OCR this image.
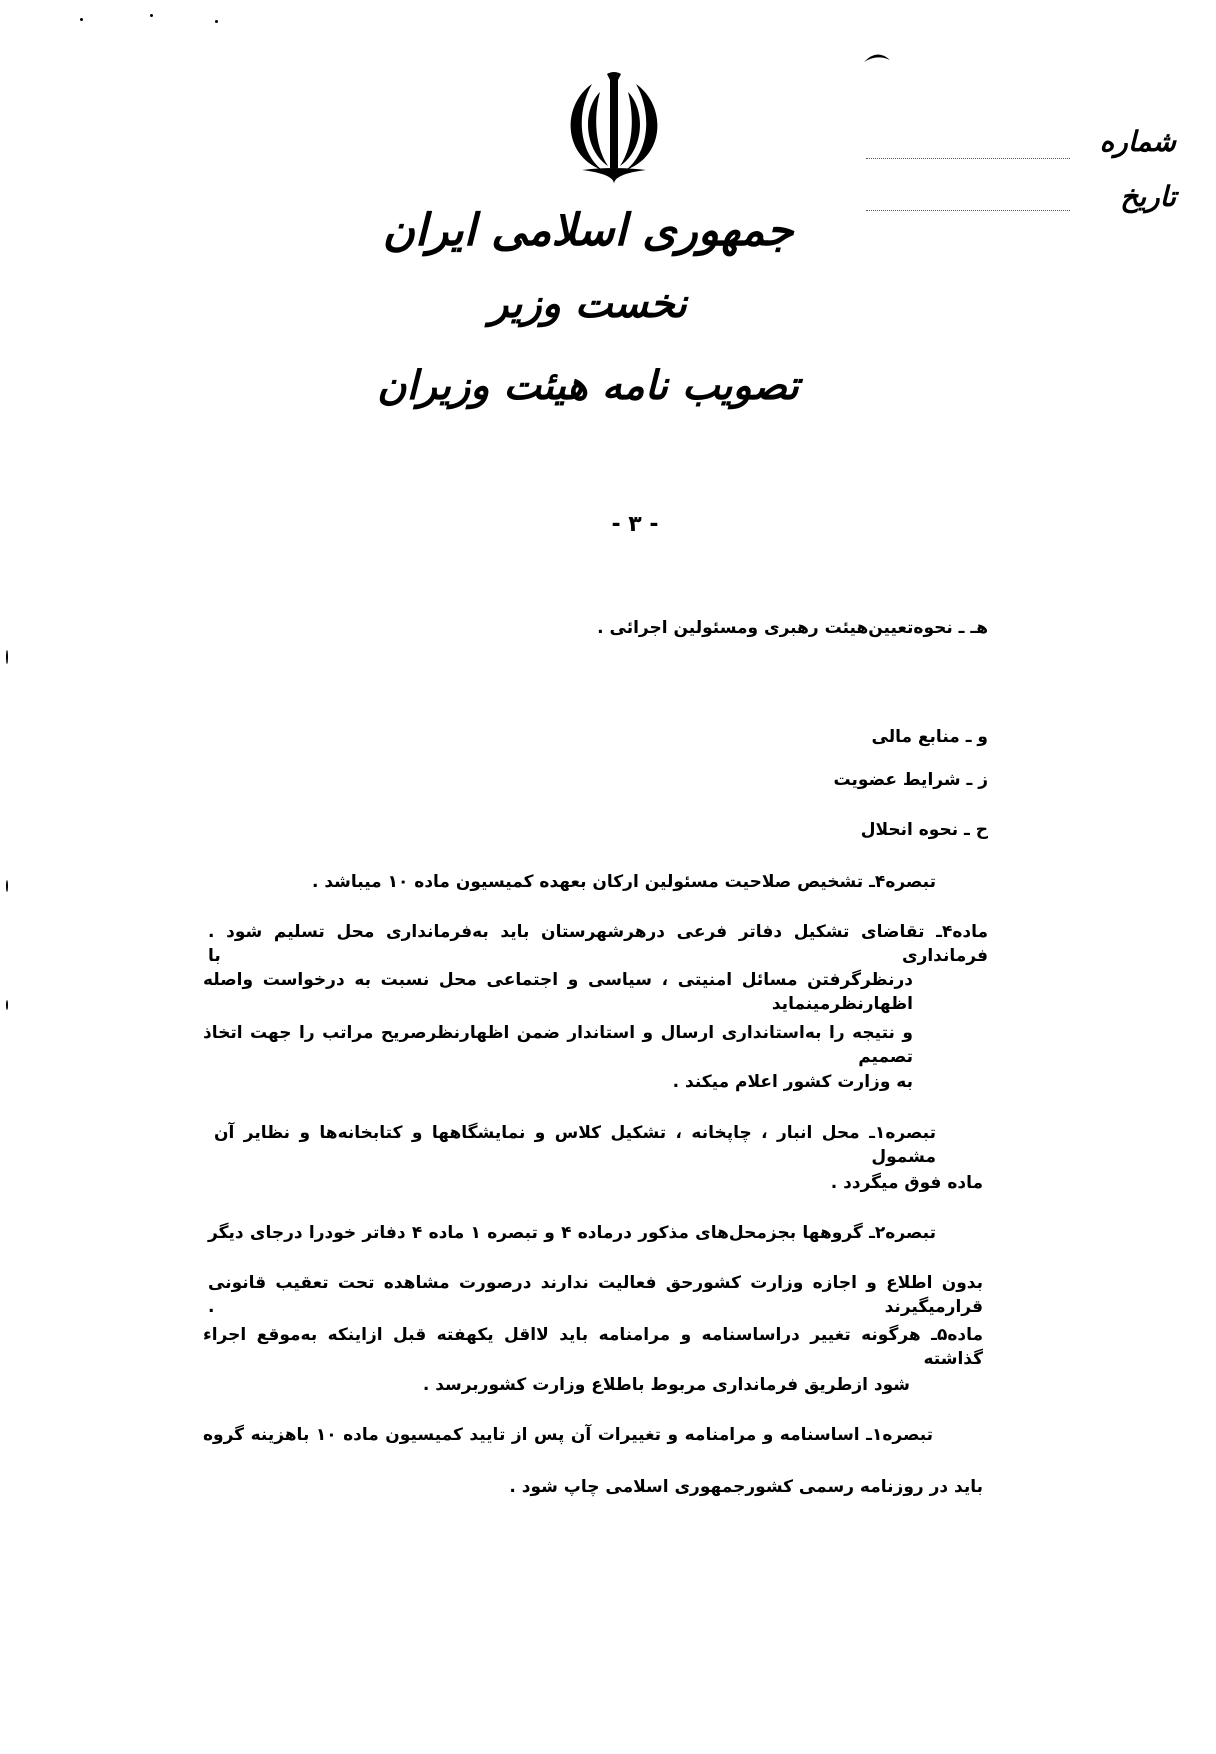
جمهوری اسلامی ایران
نخست وزیر
تصویب نامه هیئت وزیران
شماره
تاریخ
- ۳ -
هـ ـ نحوه‌تعیین‌هیئت رهبری ومسئولین اجرائی .
و ـ منابع مالی
ز ـ شرایط عضویت
ح ـ نحوه انحلال
تبصره۴ـ تشخیص صلاحیت مسئولین ارکان بعهده کمیسیون ماده ۱۰ میباشد .
ماده۴ـ تقاضای تشکیل دفاتر فرعی درهرشهرستان باید به‌فرمانداری محل تسلیم شود . فرمانداری با
درنظرگرفتن مسائل امنیتی ، سیاسی و اجتماعی محل نسبت به درخواست واصله اظهارنظرمینماید
و نتیجه را به‌استانداری ارسال و استاندار ضمن اظهارنظرصریح مراتب را جهت اتخاذ تصمیم
به وزارت کشور اعلام میکند .
تبصره۱ـ محل انبار ، چاپخانه ، تشکیل کلاس و نمایشگاهها و کتابخانه‌ها و نظایر آن مشمول
ماده فوق میگردد .
تبصره۲ـ گروهها بجزمحل‌های مذکور درماده ۴ و تبصره ۱ ماده ۴ دفاتر خودرا درجای دیگر
بدون اطلاع و اجازه وزارت کشورحق فعالیت ندارند درصورت مشاهده تحت تعقیب قانونی قرارمیگیرند .
ماده۵ـ هرگونه تغییر دراساسنامه و مرامنامه باید لااقل یکهفته قبل ازاینکه به‌موقع اجراء گذاشته
شود ازطریق فرمانداری مربوط باطلاع وزارت کشوربرسد .
تبصره۱ـ اساسنامه و مرامنامه و تغییرات آن پس از تایید کمیسیون ماده ۱۰ باهزینه گروه
باید در روزنامه رسمی کشورجمهوری اسلامی چاپ شود .
